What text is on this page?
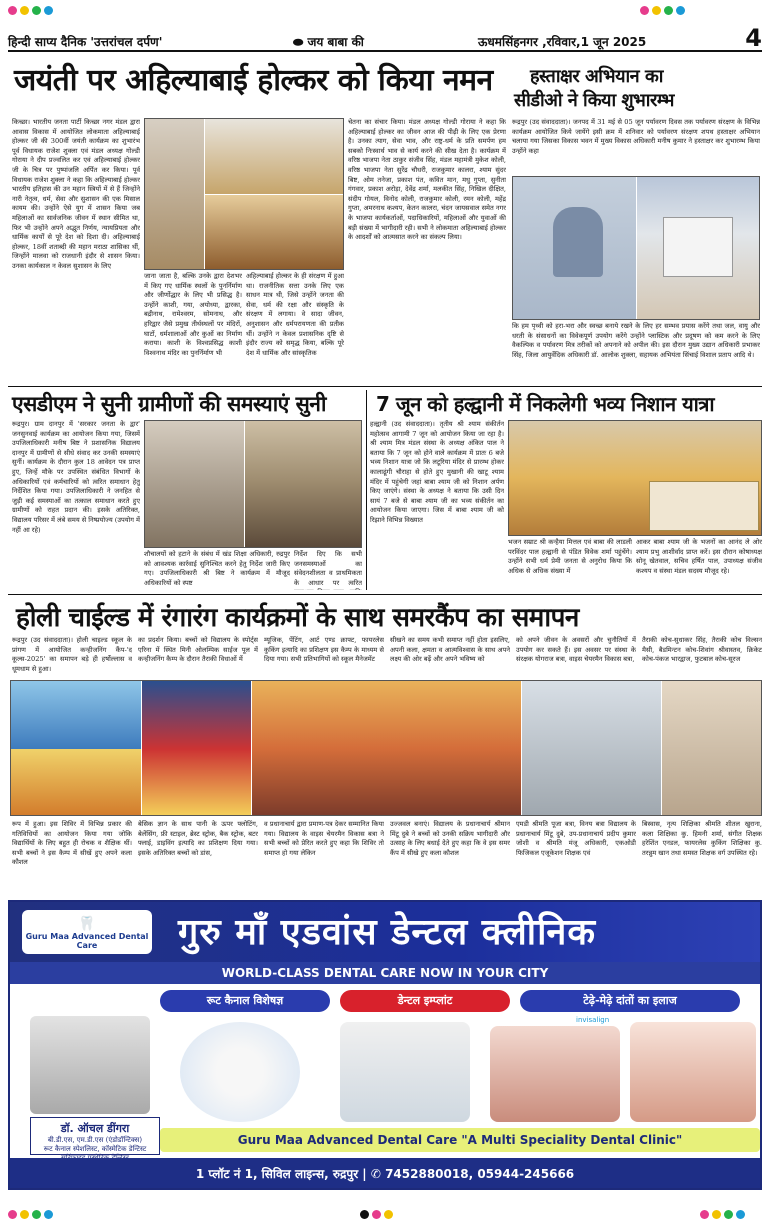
हिन्दी साप्य दैनिक 'उत्तरांचल दर्पण'	⬬ जय बाबा की	ऊधमसिंहनगर ,रविवार,1 जून 2025	4
जयंती पर अहिल्याबाई होल्कर को किया नमन
किच्छा। भारतीय जनता पार्टी किच्छा नगर मंडल द्वारा आवास विकास में आयोजित लोकमाता अहिल्याबाई होल्कर जी की 300वीं जयंती कार्यक्रम का शुभारंभ पूर्व विधायक राजेश शुक्ला एवं मंडल अध्यक्ष गोल्डी गोराया ने दीप प्रज्वलित कर एवं अहिल्याबाई होल्कर जी के चित्र पर पुष्पांजलि अर्पित कर किया। पूर्व विधायक राजेश शुक्ला ने कहा कि अहिल्याबाई होल्कर भारतीय इतिहास की उन महान स्त्रियों में से हैं जिन्होंने नारी नेतृत्व, धर्म, सेवा और सुशासन की एक मिसाल कायम की। उन्होंने ऐसे युग में शासन किया जब महिलाओं का सार्वजनिक जीवन में स्थान सीमित था, फिर भी उन्होंने अपने अद्भुत निर्णय, न्यायप्रियता और धार्मिक कार्यों से पूरे देश को दिशा दी। अहिल्याबाई होल्कर, 18वीं शताब्दी की महान मराठा शासिका थीं, जिन्होंने मालवा को राजधानी इंदौर से शासन किया। उनका कार्यकाल न केवल सुशासन के लिए
जाना जाता है, बल्कि उनके द्वारा देशभर में किए गए धार्मिक स्थलों के पुनर्निर्माण और जीर्णोद्धार के लिए भी प्रसिद्ध है। उन्होंने काशी, गया, अयोध्या, द्वारका, बद्रीनाथ, रामेश्वरम, सोमनाथ, और हरिद्वार जैसे प्रमुख तीर्थस्थलों पर मंदिरों, घाटों, धर्मशालाओं और कुओं का निर्माण कराया। काशी के विश्वप्रसिद्ध काशी विश्वनाथ मंदिर का पुनर्निर्माण भी
अहिल्याबाई होल्कर के ही संरक्षण में हुआ था। राजनीतिक सत्ता उनके लिए एक साधन मात्र थी, जिसे उन्होंने जनता की सेवा, धर्म की रक्षा और संस्कृति के संरक्षण में लगाया। वे सादा जीवन, अनुशासन और धर्मपरायणता की प्रतीक थीं। उन्होंने न केवल प्रशासनिक दृष्टि से इंदौर राज्य को समृद्ध किया, बल्कि पूरे देश में धार्मिक और सांस्कृतिक
चेतना का संचार किया। मंडल अध्यक्ष गोल्डी गोराया ने कहा कि अहिल्याबाई होल्कर का जीवन आज की पीढ़ी के लिए एक प्रेरणा है। उनका त्याग, सेवा भाव, और राष्ट्र-धर्म के प्रति समर्पण हम सबको निःस्वार्थ भाव से कार्य करने की सीख देता है। कार्यक्रम में वरिष्ठ भाजपा नेता ठाकुर संजीव सिंह, मंडल महामंत्री मुकेश कोली, वरिष्ठ भाजपा नेता सुरेंद्र चौधरी, राजकुमार कालरा, श्याम सुंदर बिष्ट, ओम तनेजा, प्रकाश पंत, कवित मान, मधु गुप्ता, सुनीता गंगवार, प्रकाश अरोड़ा, देवेंद्र शर्मा, मलकीत सिंह, निखिल दीक्षित, संदीप गोयल, विनोद कोली, राजकुमार कोली, रमन कोली, महेंद्र गुप्ता, अमरनाथ कश्यप, केतन कालरा, चंदन जायसवाल समेत नगर के भाजपा कार्यकर्ताओं, पदाधिकारियों, महिलाओं और युवाओं की बड़ी संख्या में भागीदारी रही। सभी ने लोकमाता अहिल्याबाई होल्कर के आदर्शों को आत्मसात करने का संकल्प लिया।
हस्ताक्षर अभियान का
सीडीओ ने किया शुभारम्भ
रूद्रपुर (उद संवाददाता)। जनपद में 31 मई से 05 जून पर्यावरण दिवस तक पर्यावरण संरक्षण के विभिन्न कार्यक्रम आयोजित किये जायेंगे इसी क्रम में शनिवार को पर्यावरण संरक्षण शपथ हस्ताक्षर अभियान चलाया गया जिसका विकास भवन में मुख्य विकास अधिकारी मनीष कुमार ने हस्ताक्षर कर शुभारम्भ किया उन्होंने कहा
कि हम पृथ्वी को हरा-भरा और स्वच्छ बनाये रखने के लिए हर सम्भव प्रयास करेंगे तथा जल, वायु और धरती के संसाधनों का विवेकपूर्ण उपयोग करेंगे उन्होंने प्लास्टिक और प्रदूषण को कम करने के लिए वैकल्पिक व पर्यावरण मित्र तरीकों को अपनाने को अपील की। इस दौरान मुख्य उद्यान अधिकारी प्रभाकर सिंह, जिला आयुर्वेदिक अधिकारी डॉ. आलोक शुक्ला, सहायक अभियंता सिंचाई विशाल प्रताप आदि थे।
एसडीएम ने सुनी ग्रामीणों की समस्याएं सुनी
रूद्रपुर। ग्राम दानपुर में 'सरकार जनता के द्वार' जनसुनवाई कार्यक्रम का आयोजन किया गया, जिसमें उपजिलाधिकारी मनीष बिष्ट ने प्रशासनिक विद्यालय दानपुर में ग्रामीणों से सीधे संवाद कर उनकी समस्याएं सुनीं। कार्यक्रम के दौरान कुल 18 आवेदन पत्र प्राप्त हुए, जिन्हें मौके पर उपस्थित संबंधित विभागों के अधिकारियों एवं कर्मचारियों को त्वरित समाधान हेतु निर्देशित किया गया। उपजिलाधिकारी ने जनहित से जुड़ी कई समस्याओं का तत्काल समाधान करते हुए ग्रामीणों को राहत प्रदान की। इसके अतिरिक्त, विद्यालय परिसर में लंबे समय से निष्प्रयोज्य (उपयोग में नहीं आ रहे)
शौचालयों को हटाने के संबंध में खंड शिक्षा अधिकारी, रुद्रपुर को आवश्यक कार्रवाई सुनिश्चित करने हेतु निर्देश जारी किए गए। उपजिलाधिकारी श्री बिष्ट ने कार्यक्रम में मौजूद अधिकारियों को स्पष्ट
निर्देश दिए कि सभी जनसमस्याओं का संवेदनशीलता व प्राथमिकता के आधार पर त्वरित
7 जून को हल्द्वानी में निकलेगी भव्य निशान यात्रा
हल्द्वानी (उद संवाददाता)। तृतीय श्री श्याम संकीर्तन महोत्सव आगामी 7 जून को आयोजन किया जा रहा है। श्री श्याम मित्र मंडल संस्था के अध्यक्ष अंकित पाल ने बताया कि 7 जून को होने वाले कार्यक्रम में प्रातः 6 बजे भव्य निशान यात्रा जो कि लटूरिया मंदिर से प्रारम्भ होकर कालाढूंगी चौराहा से होते हुए मुखानी की खाटू श्याम मंदिर में पहुंचेगी जहां बाबा श्याम जी को निशान अर्पण किए जाएंगे। संस्था के अध्यक्ष ने बताया कि उसी दिन सायं 7 बजे से बाबा श्याम जी का भव्य संकीर्तन का आयोजन किया जाएगा। जिस में बाबा श्याम जी को रिझाने विभिन्न विख्यात
भजन सम्राट श्री कन्हैया मित्तल एवं बाबा की लाडली परविंदर पाल हल्द्वानी से पंडित विवेक शर्मा पहुंचेंगे। उन्होंने सभी धर्म प्रेमी जनता से अनुरोध किया कि अधिक से अधिक संख्या में
आकर बाबा श्याम जी के भजनों का आनंद ले ओर श्याम प्रभु आशीर्वाद प्राप्त करें। इस दौरान कोषाध्यक्ष सोनू खेतवाल, सचिव हर्षित पाल, उपाध्यक्ष संजीव कश्यप व संस्था मंडल सदस्य मौजूद रहे।
होली चाईल्ड में रंगारंग कार्यक्रमों के साथ समरकैंप का समापन
रूद्रपुर (उद संवाददाता)। होली चाइल्ड स्कूल के प्रांगण में आयोजित कन्हीजनिंग कैंप-'द कूल्स-2025' का समापन बड़े ही हर्षोल्लास व धूमधाम से हुआ।
का प्रदर्शन किया। बच्चों को विद्यालय के स्पोर्ट्स एरिना में स्थित मिनी ओलम्पिक साईज पूल में कन्हीजनिंग कैम्प के दौरान तैराकी विधाओं में
म्यूजिक, पेंटिंग, आर्ट एण्ड क्राफ्ट, फायरलेस कुकिंग इत्यादि का प्रशिक्षण इस कैम्प के माध्यम से दिया गया। सभी प्रतिभागियों को स्कूल मैनेजमेंट
सीखने का समय कभी समाप्त नहीं होता इसलिए, अपनी कला, क्षमता व आत्मविश्वास के साथ अपने लक्ष्य की ओर बढ़ें और अपने भविष्य को
को अपने जीवन के अवसरों और चुनौतियों में उपयोग कर सकते हैं। इस अवसर पर संस्था के संरक्षक योगराज बत्रा, वाइस चेयरमैन विकास बत्रा,
तैराकी कोच-सुधाकर सिंह, तैराकी कोच विल्सन मैसी, बैडमिन्टन कोच-शिवांग श्रीवास्तव, क्रिकेट कोच-पंकज भारद्वाज, फुटबाल कोच-सूरज
रूप में हुआ। इस शिविर में विभिन्न प्रकार की गतिविधियों का आयोजन किया गया जोकि विद्यार्थियों के लिए बहुत ही रोचक व शैक्षिक थीं। सभी बच्चों ने इस कैम्प में सीखें हुए अपने कला कौशल
बेसिक ज्ञान के साथ पानी के ऊपर फ्लोटिंग, बेलेंसिंग, फ्री स्टाइल, ब्रेस्ट स्ट्रोक, बैक स्ट्रोक, बटर फ्लाई, डाइविंग इत्यादि का प्रशिक्षण दिया गया। इसके अतिरिक्त बच्चों को डांस,
व प्रधानाचार्य द्वारा प्रमाण-पत्र देकर सम्मानित किया गया। विद्यालय के वाइस चेयरमैन विकास बत्रा ने सभी बच्चों को प्रेरित करते हुए कहा कि शिविर तो समाप्त हो गया लेकिन
उज्जवल बनाएं। विद्यालय के प्रधानाचार्य श्रीमान मिंटू दुबे ने बच्चों को उनकी सक्रिय भागीदारी और उत्साह के लिए बधाई देते हुए कहा कि वे इस समर कैंप में सीखे हुए कला कौशल
एमडी श्रीमति पूजा बत्रा, विनय बत्रा विद्यालय के प्रधानाचार्य मिंटू दुबे, उप-प्रधानाचार्य प्रदीप कुमार जोशी व श्रीमति मंजू अधिकारी, एकओडी फिजिकल एजूकेशन शिक्षक एवं
बिस्वास, नृत्य शिक्षिका श्रीमति शीतल खुराना, कला शिक्षिका कु. हिमनी शर्मा, संगीत शिक्षक हरेशिंत एनडल, फायरलेस कुकिंग शिक्षिका कु. तरन्नुम खान तथा समस्त शिक्षक वर्ग उपस्थित रहे।
🦷
Guru Maa Advanced Dental Care	गुरु माँ एडवांस डेन्टल क्लीनिक
WORLD-CLASS DENTAL CARE NOW IN YOUR CITY
रूट कैनाल विशेषज्ञ	डेन्टल इम्प्लांट	टेढ़े-मेढ़े दांतों का इलाज
invisalign
डॉ. ऑचल डींगरा
बी.डी.एस, एम.डी.एस (एंडोडॉन्टिक्स)
रूट कैनाल स्पेशलिस्ट, कॉस्मेटिक डेन्टिस्ट
Guru Maa Advanced Dental Care "A Multi Speciality Dental Clinic"
1 प्लॉट नं 1, सिविल लाइन्स, रुद्रपुर | ✆ 7452880018, 05944-245666
